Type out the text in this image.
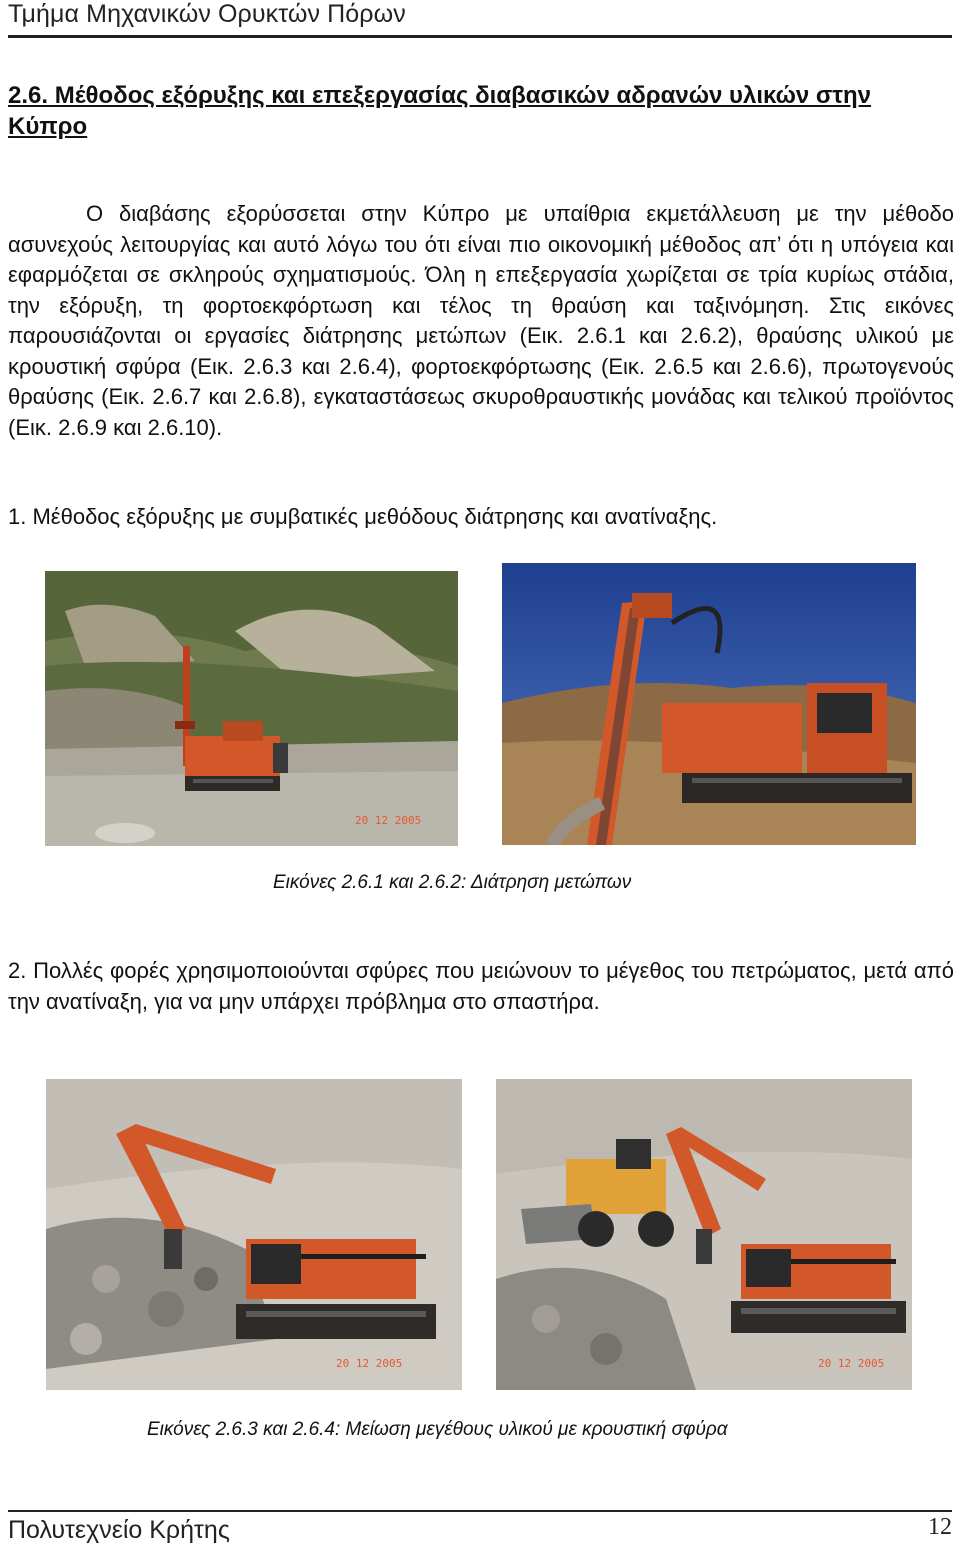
Τμήμα Μηχανικών Ορυκτών Πόρων
2.6. Μέθοδος εξόρυξης και επεξεργασίας διαβασικών αδρανών υλικών στην Κύπρο
Ο διαβάσης εξορύσσεται στην Κύπρο με υπαίθρια εκμετάλλευση με την μέθοδο ασυνεχούς λειτουργίας και αυτό λόγω του ότι είναι πιο οικονομική μέθοδος απ’ ότι η υπόγεια και εφαρμόζεται σε σκληρούς σχηματισμούς. Όλη η επεξεργασία χωρίζεται σε τρία κυρίως στάδια, την εξόρυξη, τη φορτοεκφόρτωση και τέλος τη θραύση και ταξινόμηση. Στις εικόνες παρουσιάζονται οι εργασίες διάτρησης μετώπων (Εικ. 2.6.1 και 2.6.2), θραύσης υλικού με κρουστική σφύρα (Εικ. 2.6.3 και 2.6.4), φορτοεκφόρτωσης (Εικ. 2.6.5 και 2.6.6), πρωτογενούς θραύσης (Εικ. 2.6.7 και 2.6.8), εγκαταστάσεως σκυροθραυστικής μονάδας και τελικού προϊόντος (Εικ. 2.6.9 και 2.6.10).
1. Μέθοδος εξόρυξης με συμβατικές μεθόδους διάτρησης και ανατίναξης.
20 12 2005
Εικόνες 2.6.1 και 2.6.2: Διάτρηση μετώπων
2. Πολλές φορές χρησιμοποιούνται σφύρες που μειώνουν το μέγεθος του πετρώματος, μετά από την ανατίναξη, για να μην υπάρχει πρόβλημα στο σπαστήρα.
20 12 2005	20 12 2005
Εικόνες 2.6.3 και 2.6.4: Μείωση μεγέθους υλικού με κρουστική σφύρα
Πολυτεχνείο Κρήτης	12
